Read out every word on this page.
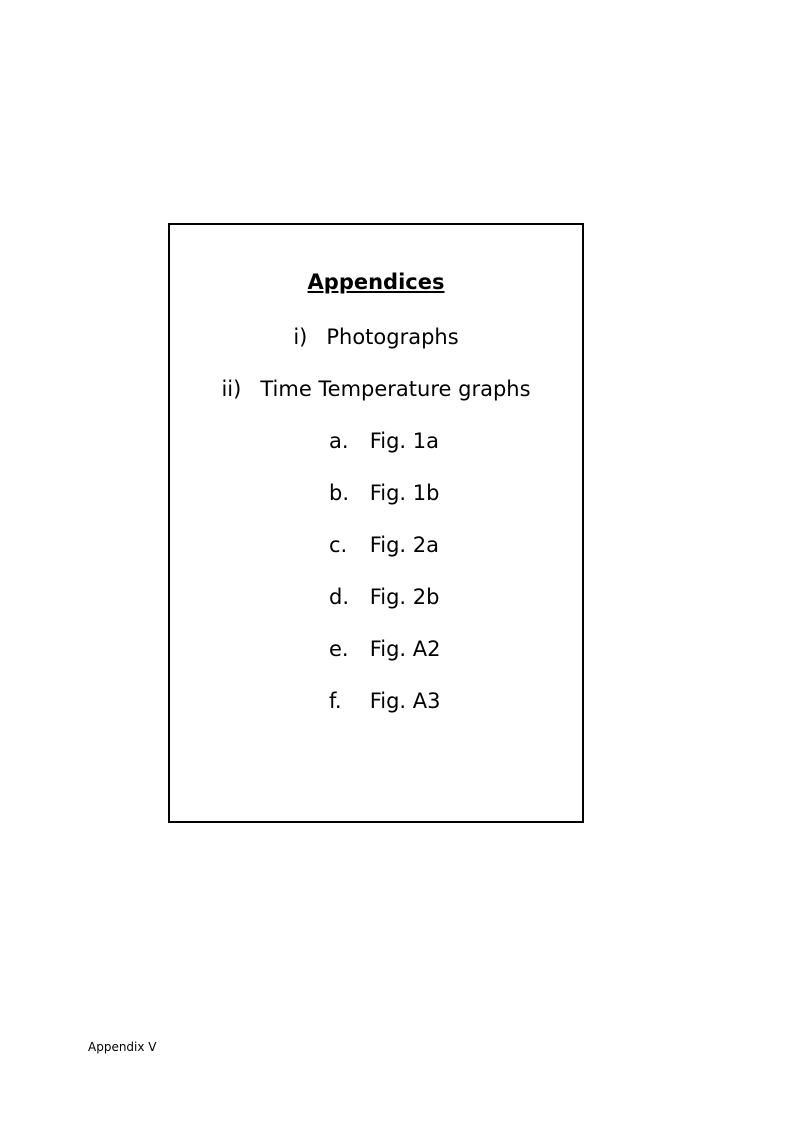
Appendices
i) Photographs
ii) Time Temperature graphs
a. Fig. 1a
b. Fig. 1b
c. Fig. 2a
d. Fig. 2b
e. Fig. A2
f. Fig. A3
Appendix V
